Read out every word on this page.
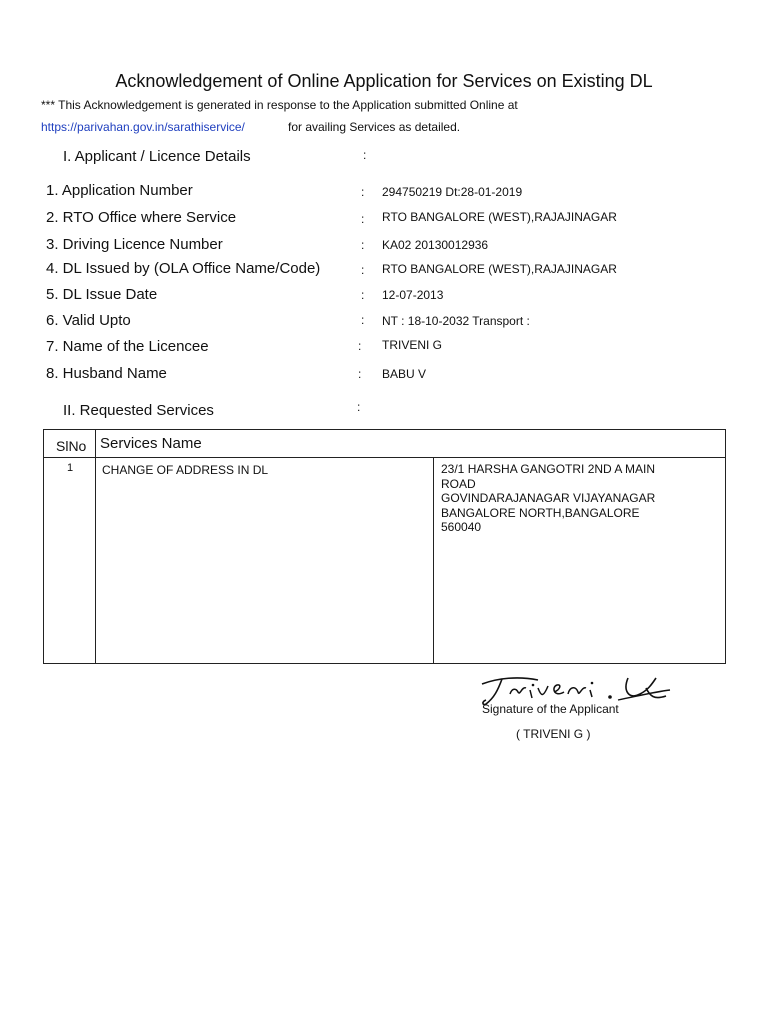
Acknowledgement of Online Application for Services on Existing DL
*** This Acknowledgement is generated in response to the Application submitted Online at
https://parivahan.gov.in/sarathiservice/	for availing Services as detailed.
I. Applicant / Licence Details	:
1. Application Number	: 294750219 Dt:28-01-2019
2. RTO Office where Service	: RTO BANGALORE (WEST),RAJAJINAGAR
3. Driving Licence Number	: KA02 20130012936
4. DL Issued by (OLA Office Name/Code)	: RTO BANGALORE (WEST),RAJAJINAGAR
5. DL Issue Date	: 12-07-2013
6. Valid Upto	: NT : 18-10-2032 Transport :
7. Name of the Licencee	: TRIVENI G
8. Husband Name	: BABU V
II. Requested Services	:
SlNo Services Name
1 CHANGE OF ADDRESS IN DL	23/1 HARSHA GANGOTRI 2ND A MAIN
ROAD
GOVINDARAJANAGAR VIJAYANAGAR
BANGALORE NORTH,BANGALORE
560040
Signature of the Applicant
( TRIVENI G )
